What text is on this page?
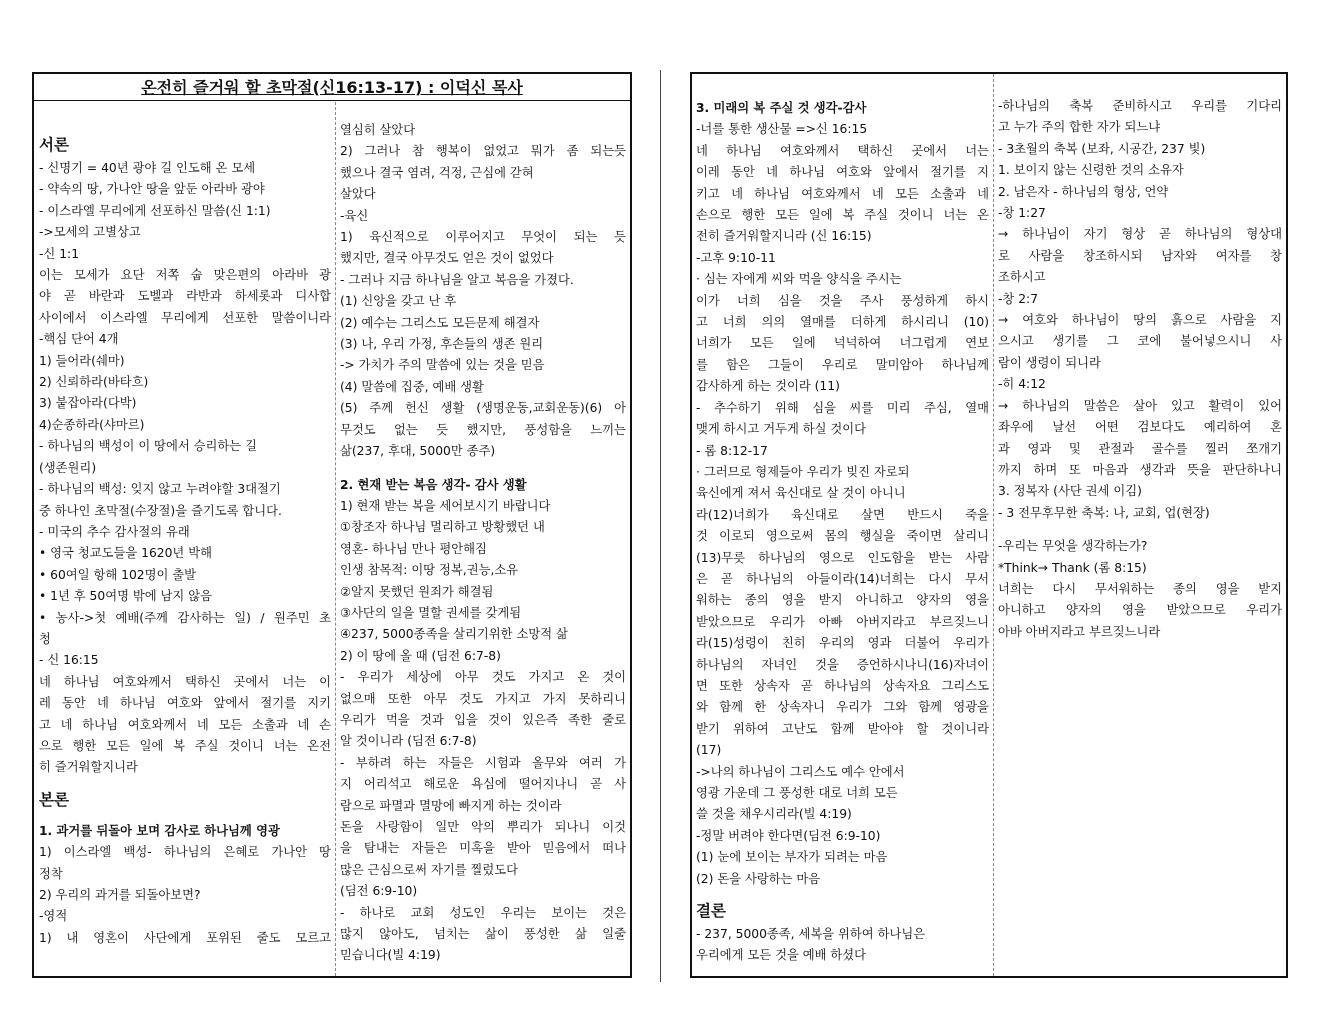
온전히 즐거워 할 초막절(신16:13-17) : 이덕신 목사
서론
- 신명기 = 40년 광야 길 인도해 온 모세
- 약속의 땅, 가나안 땅을 앞둔 아라바 광야
- 이스라엘 무리에게 선포하신 말씀(신 1:1)
->모세의 고별상고
-신 1:1
이는 모세가 요단 저쪽 숩 맞은편의 아라바 광
야 곧 바란과 도벨과 라반과 하세롯과 디사합
사이에서 이스라엘 무리에게 선포한 말씀이니라
-핵심 단어 4개
1) 들어라(쉐마)
2) 신뢰하라(바타흐)
3) 붙잡아라(다박)
4)순종하라(샤마르)
- 하나님의 백성이 이 땅에서 승리하는 길
(생존원리)
- 하나님의 백성: 잊지 않고 누려야할 3대절기
중 하나인 초막절(수장절)을 즐기도록 합니다.
- 미국의 추수 감사절의 유래
• 영국 청교도들을 1620년 박해
• 60여일 항해 102명이 출발
• 1년 후 50여명 밖에 남지 않음
• 농사->첫 예배(주께 감사하는 일) / 원주민 초
청
- 신 16:15
네 하나님 여호와께서 택하신 곳에서 너는 이
레 동안 네 하나님 여호와 앞에서 절기를 지키
고 네 하나님 여호와께서 네 모든 소출과 네 손
으로 행한 모든 일에 복 주실 것이니 너는 온전
히 즐거워할지니라
본론
1. 과거를 뒤돌아 보며 감사로 하나님께 영광
1) 이스라엘 백성- 하나님의 은혜로 가나안 땅
정착
2) 우리의 과거를 되돌아보면?
-영적
1) 내 영혼이 사단에게 포위된 줄도 모르고
열심히 살았다
2) 그러나 참 행복이 없었고 뭐가 좀 되는듯
했으나 결국 염려, 걱정, 근심에 갇혀
살았다
-육신
1) 육신적으로 이루어지고 무엇이 되는 듯
했지만, 결국 아무것도 얻은 것이 없었다
- 그러나 지금 하나님을 알고 복음을 가졌다.
(1) 신앙을 갖고 난 후
(2) 예수는 그리스도 모든문제 해결자
(3) 나, 우리 가정, 후손들의 생존 원리
-> 가치가 주의 말씀에 있는 것을 믿음
(4) 말씀에 집중, 예배 생활
(5) 주께 헌신 생활 (생명운동,교회운동)(6) 아
무것도 없는 듯 했지만, 풍성함을 느끼는
삶(237, 후대, 5000만 종주)
2. 현재 받는 복음 생각- 감사 생활
1) 현재 받는 복을 세어보시기 바랍니다
①창조자 하나님 멀리하고 방황했던 내
영혼- 하나님 만나 평안해짐
인생 참목적: 이땅 정복,권능,소유
②알지 못했던 원죄가 해결됨
③사단의 일을 멸할 권세를 갖게됨
④237, 5000종족을 살리기위한 소망적 삶
2) 이 땅에 올 때 (딤전 6:7-8)
- 우리가 세상에 아무 것도 가지고 온 것이
없으매 또한 아무 것도 가지고 가지 못하리니
우리가 먹을 것과 입을 것이 있은즉 족한 줄로
알 것이니라 (딤전 6:7-8)
- 부하려 하는 자들은 시험과 올무와 여러 가
지 어리석고 해로운 욕심에 떨어지나니 곧 사
람으로 파멸과 멸망에 빠지게 하는 것이라
돈을 사랑함이 일만 악의 뿌리가 되나니 이것
을 탐내는 자들은 미혹을 받아 믿음에서 떠나
많은 근심으로써 자기를 찔렀도다
(딤전 6:9-10)
- 하나로 교회 성도인 우리는 보이는 것은
많지 않아도, 넘치는 삶이 풍성한 삶 일줄
믿습니다(빌 4:19)
3. 미래의 복 주실 것 생각-감사
-너를 통한 생산물 =>신 16:15
네 하나님 여호와께서 택하신 곳에서 너는
이레 동안 네 하나님 여호와 앞에서 절기를 지
키고 네 하나님 여호와께서 네 모든 소출과 네
손으로 행한 모든 일에 복 주실 것이니 너는 온
전히 즐거워할지니라 (신 16:15)
-고후 9:10-11
· 심는 자에게 씨와 먹을 양식을 주시는
이가 너희 심을 것을 주사 풍성하게 하시
고 너희 의의 열매를 더하게 하시리니 (10)
너희가 모든 일에 넉넉하여 너그럽게 연보
를 함은 그들이 우리로 말미암아 하나님께
감사하게 하는 것이라 (11)
- 추수하기 위해 심을 씨를 미리 주심, 열매
맺게 하시고 거두게 하실 것이다
- 롬 8:12-17
· 그러므로 형제들아 우리가 빚진 자로되
육신에게 져서 육신대로 살 것이 아니니
라(12)너희가 육신대로 살면 반드시 죽을
것 이로되 영으로써 몸의 행실을 죽이면 살리니
(13)무릇 하나님의 영으로 인도함을 받는 사람
은 곧 하나님의 아들이라(14)너희는 다시 무서
워하는 종의 영을 받지 아니하고 양자의 영을
받았으므로 우리가 아빠 아버지라고 부르짖느니
라(15)성령이 친히 우리의 영과 더불어 우리가
하나님의 자녀인 것을 증언하시나니(16)자녀이
면 또한 상속자 곧 하나님의 상속자요 그리스도
와 함께 한 상속자니 우리가 그와 함께 영광을
받기 위하여 고난도 함께 받아야 할 것이니라
(17)
->나의 하나님이 그리스도 예수 안에서
영광 가운데 그 풍성한 대로 너희 모든
쓸 것을 채우시리라(빌 4:19)
-정말 버려야 한다면(딤전 6:9-10)
(1) 눈에 보이는 부자가 되려는 마음
(2) 돈을 사랑하는 마음
결론
- 237, 5000종족, 세복을 위하여 하나님은
우리에게 모든 것을 예배 하셨다
-하나님의 축복 준비하시고 우리를 기다리
고 누가 주의 합한 자가 되느냐
- 3초월의 축복 (보좌, 시공간, 237 빛)
1. 보이지 않는 신령한 것의 소유자
2. 남은자 - 하나님의 형상, 언약
-창 1:27
→ 하나님이 자기 형상 곧 하나님의 형상대
로 사람을 창조하시되 남자와 여자를 창
조하시고
-창 2:7
→ 여호와 하나님이 땅의 흙으로 사람을 지
으시고 생기를 그 코에 불어넣으시니 사
람이 생령이 되니라
-히 4:12
→ 하나님의 말씀은 살아 있고 활력이 있어
좌우에 날선 어떤 검보다도 예리하여 혼
과 영과 및 관절과 골수를 찔러 쪼개기
까지 하며 또 마음과 생각과 뜻을 판단하나니
3. 정복자 (사단 권세 이김)
- 3 전무후무한 축복: 나, 교회, 업(현장)
-우리는 무엇을 생각하는가?
*Think→ Thank (롬 8:15)
너희는 다시 무서워하는 종의 영을 받지
아니하고 양자의 영을 받았으므로 우리가
아바 아버지라고 부르짖느니라
